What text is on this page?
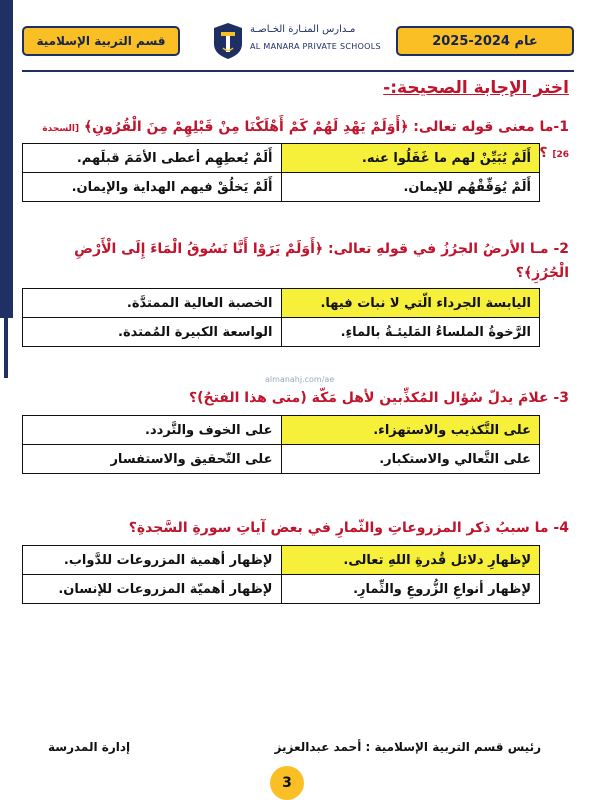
قسم التربية الإسلامية
مـدارس المنـارة الخـاصـة
AL MANARA PRIVATE SCHOOLS	عام 2024-2025
اختر الإجابة الصحيحة:-
1-ما معنى قوله تعالى: ﴿أَوَلَمْ يَهْدِ لَهُمْ كَمْ أَهْلَكْنَا مِنْ قَبْلِهِمْ مِنَ الْقُرُونِ﴾ [السجدة 26] ؟
أَلَمْ يُبَيِّنْ لهم ما غَفَلُوا عنه.	أَلَمْ يُعطِهِم أعطى الأمَمَ قبلَهم.
أَلَمْ يُوَفِّقْهُم للإيمان.	أَلَمْ يَخلُقْ فيهم الهداية والإيمان.
2- مـا الأرضُ الجرُزُ في قولهِ تعالى: ﴿أَوَلَمْ يَرَوْا أَنَّا نَسُوقُ الْمَاءَ إِلَى الْأَرْضِ الْجُرُزِ﴾؟
اليابسة الجرداء الّتي لا نبات فيها.	الخصبة العالية الممتدَّة.
الرَّخوةُ الملساءُ المَليئـةُ بالماءِ.	الواسعة الكبيرة المُمتدة.
almanahj.com/ae
3- علامَ يدلّ سُؤال المُكذِّبين لأهل مَكّة (متى هذا الفتحُ)؟
على التَّكذيب والاستهزاء.	على الخوف والتَّردد.
على التَّعالي والاستكبار.	على التّحقيق والاستفسار
4- ما سببُ ذكر المزروعاتِ والثّمارِ في بعض آياتِ سورةِ السَّجدةِ؟
لإظهارِ دلائل قُدرةِ اللهِ تعالى.	لإظهار أهمية المزروعات للدَّواب.
لإظهار أنواعِ الزُّروعِ والثِّمارِ.	لإظهار أهميّة المزروعات للإنسان.
رئيس قسم التربية الإسلامية : أحمد عبدالعزيز
إدارة المدرسة
3
